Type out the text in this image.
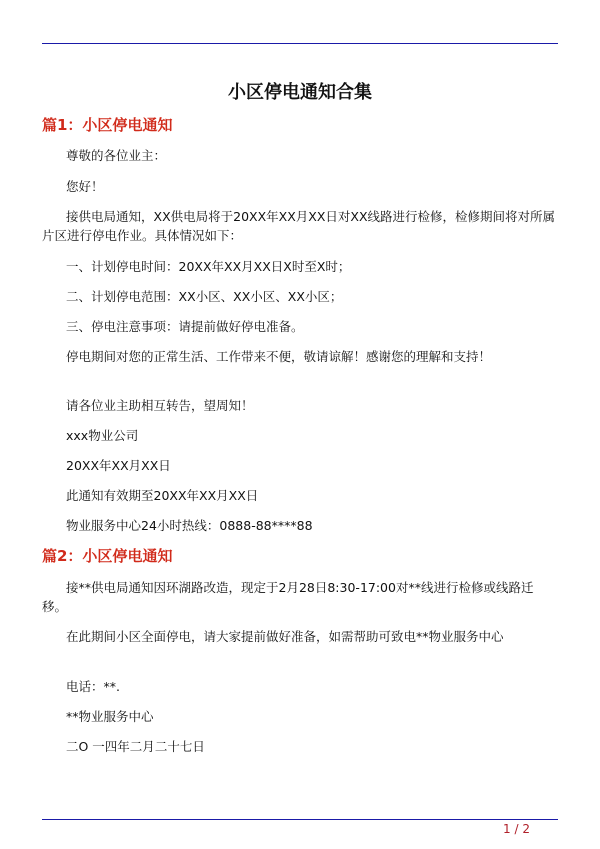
小区停电通知合集
篇1：小区停电通知

尊敬的各位业主：

您好！

接供电局通知，XX供电局将于20XX年XX月XX日对XX线路进行检修，检修期间将对所属片区进行停电作业。具体情况如下：

一、计划停电时间：20XX年XX月XX日X时至X时；

二、计划停电范围：XX小区、XX小区、XX小区；

三、停电注意事项：请提前做好停电准备。

停电期间对您的正常生活、工作带来不便，敬请谅解！感谢您的理解和支持！

请各位业主助相互转告，望周知！

xxx物业公司

20XX年XX月XX日

此通知有效期至20XX年XX月XX日

物业服务中心24小时热线：0888-88****88

篇2：小区停电通知

接**供电局通知因环湖路改造，现定于2月28日8:30-17:00对**线进行检修或线路迁移。

在此期间小区全面停电，请大家提前做好准备，如需帮助可致电**物业服务中心

电话：**.

**物业服务中心

二O 一四年二月二十七日

1 / 2
